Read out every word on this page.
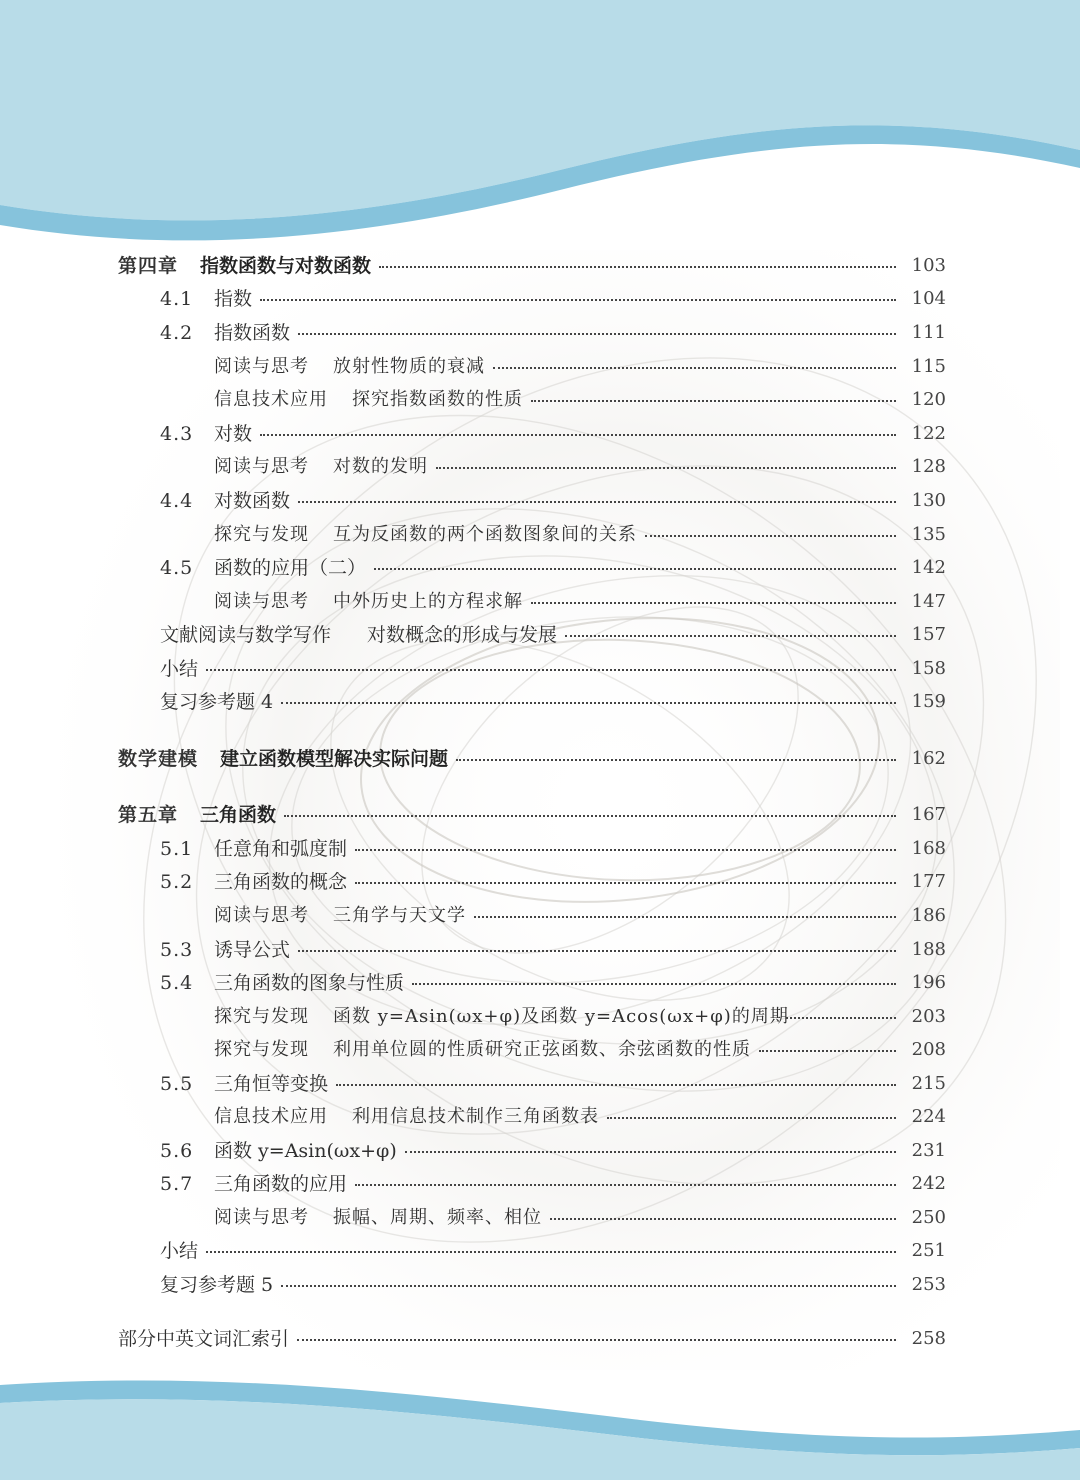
第四章 指数函数与对数函数	103
4.1 指数	104
4.2 指数函数	111
阅读与思考 放射性物质的衰减	115
信息技术应用 探究指数函数的性质	120
4.3 对数	122
阅读与思考 对数的发明	128
4.4 对数函数	130
探究与发现 互为反函数的两个函数图象间的关系	135
4.5 函数的应用（二）	142
阅读与思考 中外历史上的方程求解	147
文献阅读与数学写作 对数概念的形成与发展	157
小结	158
复习参考题 4	159
数学建模 建立函数模型解决实际问题	162
第五章 三角函数	167
5.1 任意角和弧度制	168
5.2 三角函数的概念	177
阅读与思考 三角学与天文学	186
5.3 诱导公式	188
5.4 三角函数的图象与性质	196
探究与发现 函数 y=Asin(ωx+φ)及函数 y=Acos(ωx+φ)的周期	203
探究与发现 利用单位圆的性质研究正弦函数、余弦函数的性质	208
5.5 三角恒等变换	215
信息技术应用 利用信息技术制作三角函数表	224
5.6 函数 y=Asin(ωx+φ)	231
5.7 三角函数的应用	242
阅读与思考 振幅、周期、频率、相位	250
小结	251
复习参考题 5	253
部分中英文词汇索引	258
